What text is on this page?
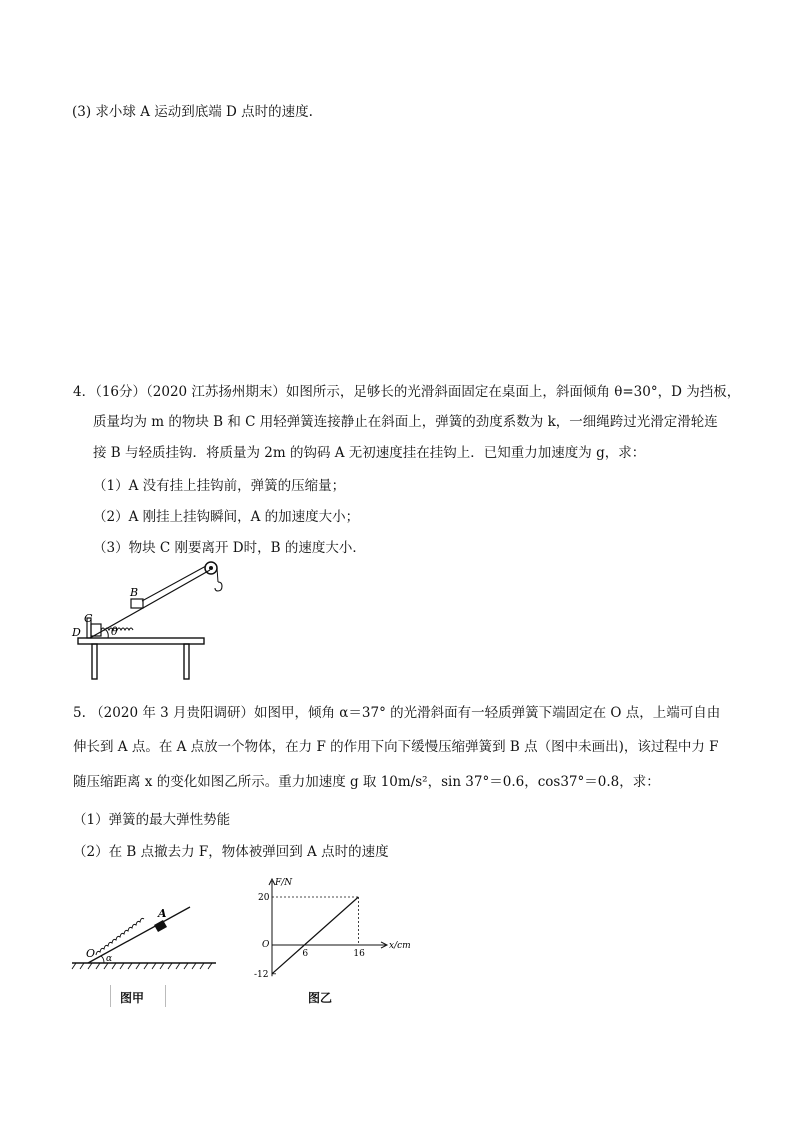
(3) 求小球 A 运动到底端 D 点时的速度.
4．（16分）（2020 江苏扬州期末）如图所示，足够长的光滑斜面固定在桌面上，斜面倾角 θ=30°，D 为挡板，
质量均为 m 的物块 B 和 C 用轻弹簧连接静止在斜面上，弹簧的劲度系数为 k，一细绳跨过光滑定滑轮连
接 B 与轻质挂钩．将质量为 2m 的钩码 A 无初速度挂在挂钩上．已知重力加速度为 g，求：
（1）A 没有挂上挂钩前，弹簧的压缩量；
（2）A 刚挂上挂钩瞬间，A 的加速度大小；
（3）物块 C 刚要离开 D时，B 的速度大小．
B
C
D	θ
5. （2020 年 3 月贵阳调研）如图甲，倾角 α＝37° 的光滑斜面有一轻质弹簧下端固定在 O 点，上端可自由
伸长到 A 点。在 A 点放一个物体，在力 F 的作用下向下缓慢压缩弹簧到 B 点（图中未画出)，该过程中力 F
随压缩距离 x 的变化如图乙所示。重力加速度 g 取 10m/s²，sin 37°＝0.6，cos37°＝0.8，求：
（1）弹簧的最大弹性势能
（2）在 B 点撤去力 F，物体被弹回到 A 点时的速度
A
O α
图甲
F/N
x/cm
O
20
-12
6	16
图乙
